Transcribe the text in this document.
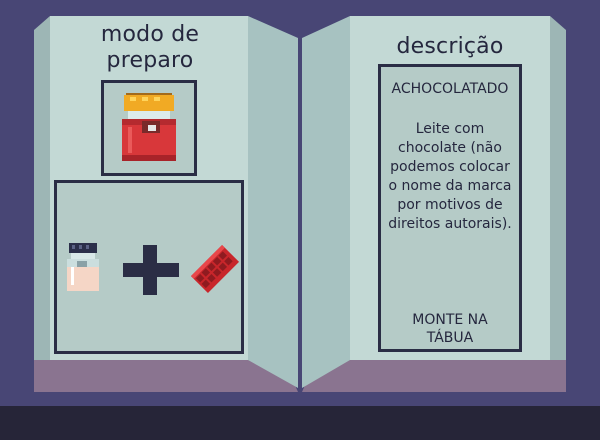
modo de
preparo
descrição
ACHOCOLATADO
Leite com chocolate (não podemos colocar o nome da marca por motivos de direitos autorais).
MONTE NA
TÁBUA
